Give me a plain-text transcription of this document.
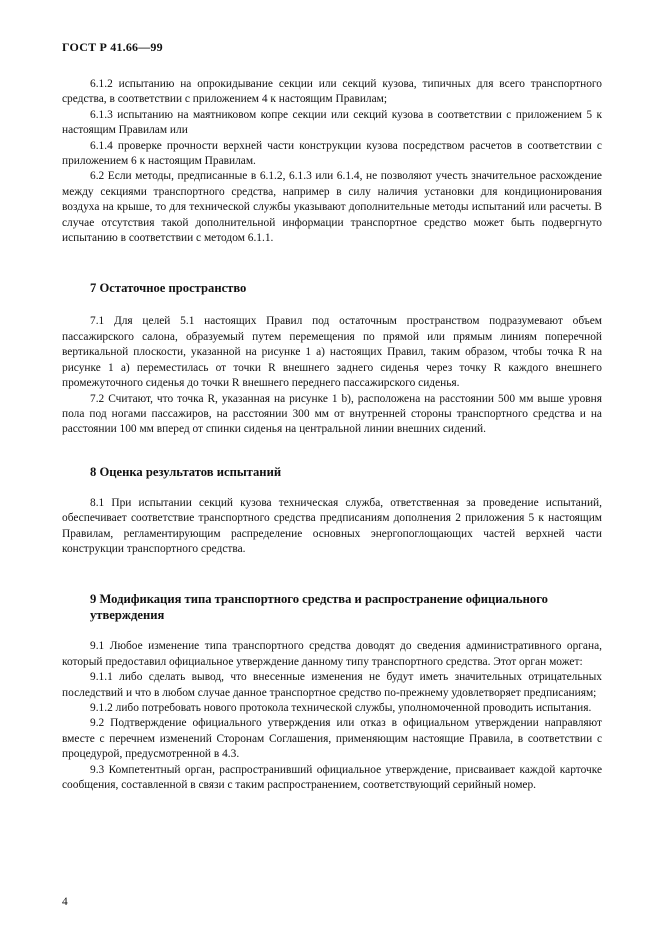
ГОСТ Р 41.66—99

6.1.2 испытанию на опрокидывание секции или секций кузова, типичных для всего транспортного средства, в соответствии с приложением 4 к настоящим Правилам;

6.1.3 испытанию на маятниковом копре секции или секций кузова в соответствии с приложением 5 к настоящим Правилам или

6.1.4 проверке прочности верхней части конструкции кузова посредством расчетов в соответствии с приложением 6 к настоящим Правилам.

6.2 Если методы, предписанные в 6.1.2, 6.1.3 или 6.1.4, не позволяют учесть значительное расхождение между секциями транспортного средства, например в силу наличия установки для кондиционирования воздуха на крыше, то для технической службы указывают дополнительные методы испытаний или расчеты. В случае отсутствия такой дополнительной информации транспортное средство может быть подвергнуто испытанию в соответствии с методом 6.1.1.

7 Остаточное пространство

7.1 Для целей 5.1 настоящих Правил под остаточным пространством подразумевают объем пассажирского салона, образуемый путем перемещения по прямой или прямым линиям поперечной вертикальной плоскости, указанной на рисунке 1 а) настоящих Правил, таким образом, чтобы точка R на рисунке 1 а) переместилась от точки R внешнего заднего сиденья через точку R каждого внешнего промежуточного сиденья до точки R внешнего переднего пассажирского сиденья.

7.2 Считают, что точка R, указанная на рисунке 1 b), расположена на расстоянии 500 мм выше уровня пола под ногами пассажиров, на расстоянии 300 мм от внутренней стороны транспортного средства и на расстоянии 100 мм вперед от спинки сиденья на центральной линии внешних сидений.

8 Оценка результатов испытаний

8.1 При испытании секций кузова техническая служба, ответственная за проведение испытаний, обеспечивает соответствие транспортного средства предписаниям дополнения 2 приложения 5 к настоящим Правилам, регламентирующим распределение основных энергопоглощающих частей верхней части конструкции транспортного средства.

9 Модификация типа транспортного средства и распространение официального
утверждения

9.1 Любое изменение типа транспортного средства доводят до сведения административного органа, который предоставил официальное утверждение данному типу транспортного средства. Этот орган может:

9.1.1 либо сделать вывод, что внесенные изменения не будут иметь значительных отрицательных последствий и что в любом случае данное транспортное средство по-прежнему удовлетворяет предписаниям;

9.1.2 либо потребовать нового протокола технической службы, уполномоченной проводить испытания.

9.2 Подтверждение официального утверждения или отказ в официальном утверждении направляют вместе с перечнем изменений Сторонам Соглашения, применяющим настоящие Правила, в соответствии с процедурой, предусмотренной в 4.3.

9.3 Компетентный орган, распространивший официальное утверждение, присваивает каждой карточке сообщения, составленной в связи с таким распространением, соответствующий серийный номер.

4
